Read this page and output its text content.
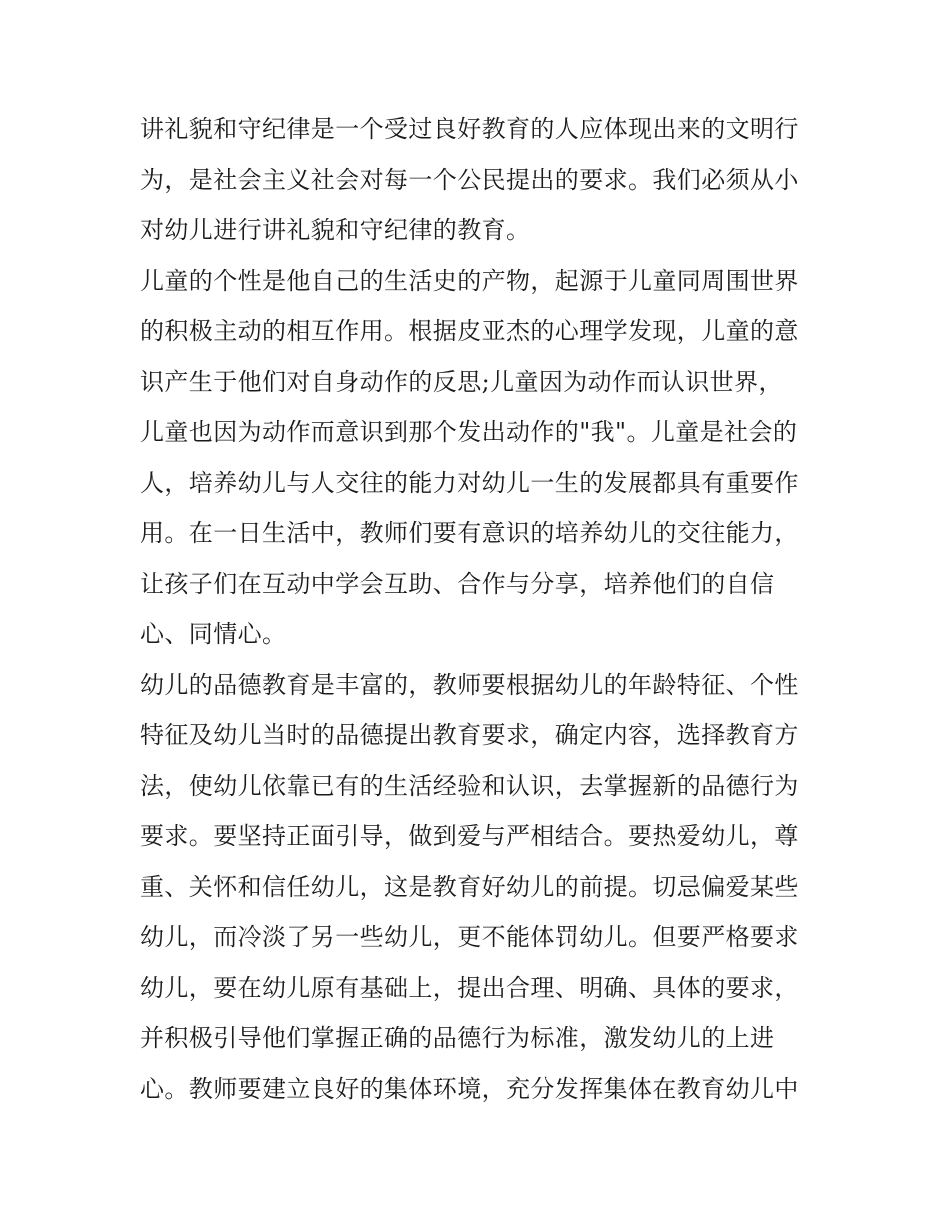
讲礼貌和守纪律是一个受过良好教育的人应体现出来的文明行
为，是社会主义社会对每一个公民提出的要求。我们必须从小
对幼儿进行讲礼貌和守纪律的教育。
儿童的个性是他自己的生活史的产物，起源于儿童同周围世界
的积极主动的相互作用。根据皮亚杰的心理学发现，儿童的意
识产生于他们对自身动作的反思;儿童因为动作而认识世界，
儿童也因为动作而意识到那个发出动作的"我"。儿童是社会的
人，培养幼儿与人交往的能力对幼儿一生的发展都具有重要作
用。在一日生活中，教师们要有意识的培养幼儿的交往能力，
让孩子们在互动中学会互助、合作与分享，培养他们的自信
心、同情心。
幼儿的品德教育是丰富的，教师要根据幼儿的年龄特征、个性
特征及幼儿当时的品德提出教育要求，确定内容，选择教育方
法，使幼儿依靠已有的生活经验和认识，去掌握新的品德行为
要求。要坚持正面引导，做到爱与严相结合。要热爱幼儿，尊
重、关怀和信任幼儿，这是教育好幼儿的前提。切忌偏爱某些
幼儿，而冷淡了另一些幼儿，更不能体罚幼儿。但要严格要求
幼儿，要在幼儿原有基础上，提出合理、明确、具体的要求，
并积极引导他们掌握正确的品德行为标准，激发幼儿的上进
心。教师要建立良好的集体环境，充分发挥集体在教育幼儿中
